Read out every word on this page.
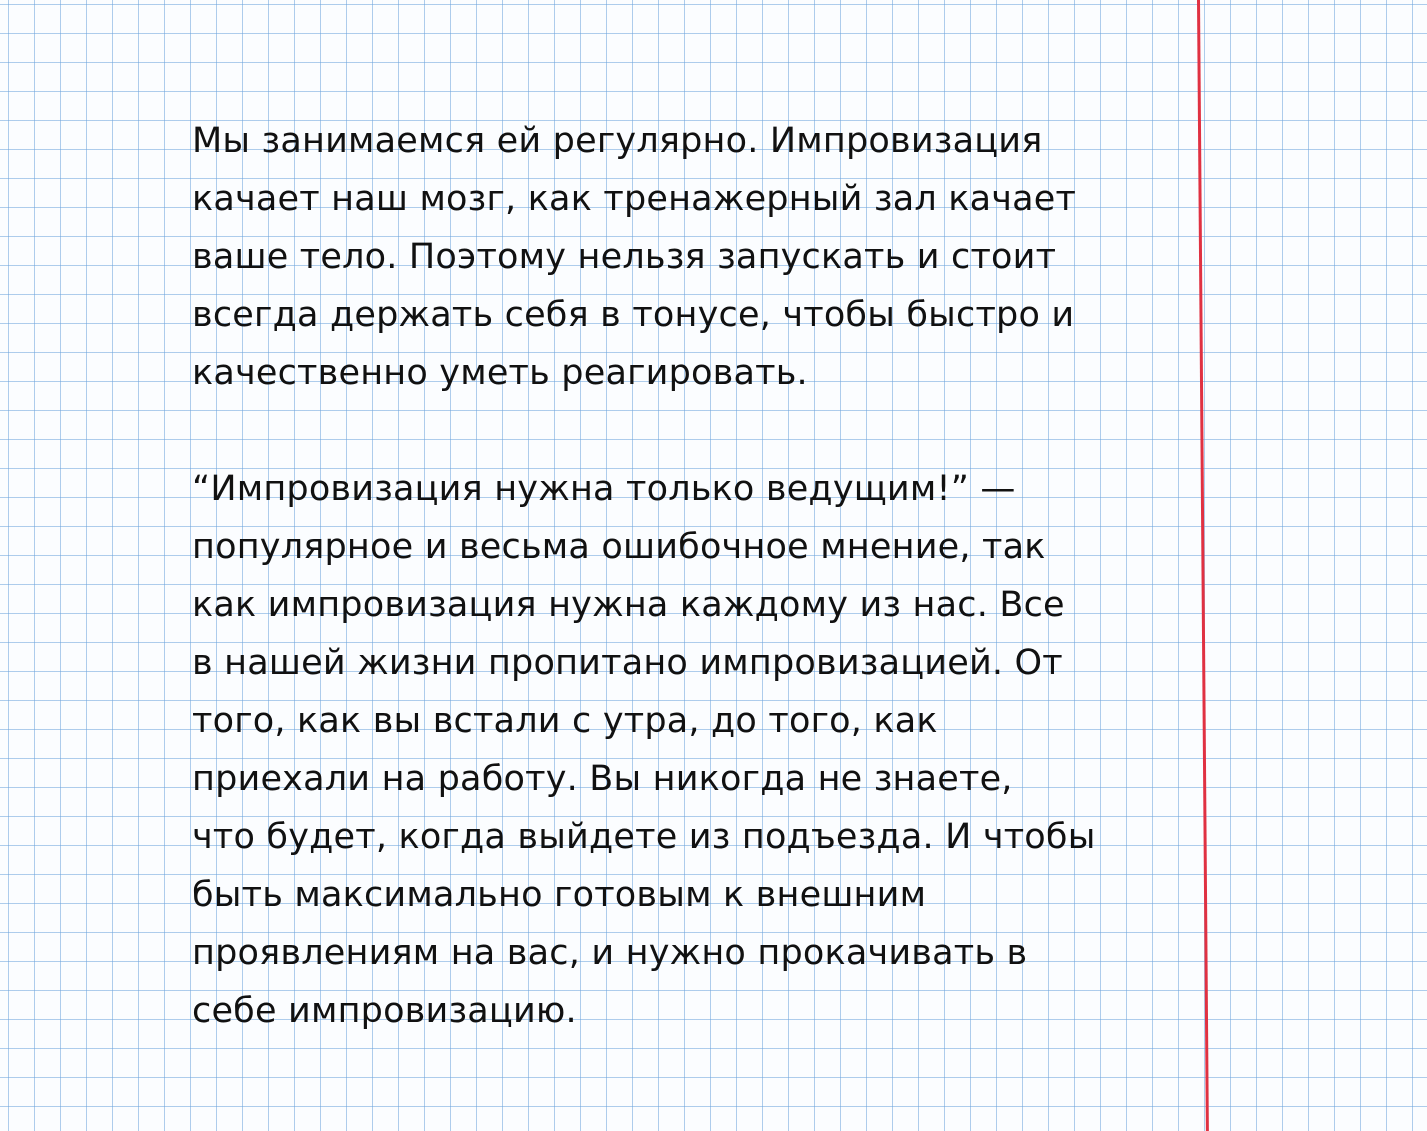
Мы занимаемся ей регулярно. Импровизация
качает наш мозг, как тренажерный зал качает
ваше тело. Поэтому нельзя запускать и стоит
всегда держать себя в тонусе, чтобы быстро и
качественно уметь реагировать.
“Импровизация нужна только ведущим!” —
популярное и весьма ошибочное мнение, так
как импровизация нужна каждому из нас. Все
в нашей жизни пропитано импровизацией. От
того, как вы встали с утра, до того, как
приехали на работу. Вы никогда не знаете,
что будет, когда выйдете из подъезда. И чтобы
быть максимально готовым к внешним
проявлениям на вас, и нужно прокачивать в
себе импровизацию.
